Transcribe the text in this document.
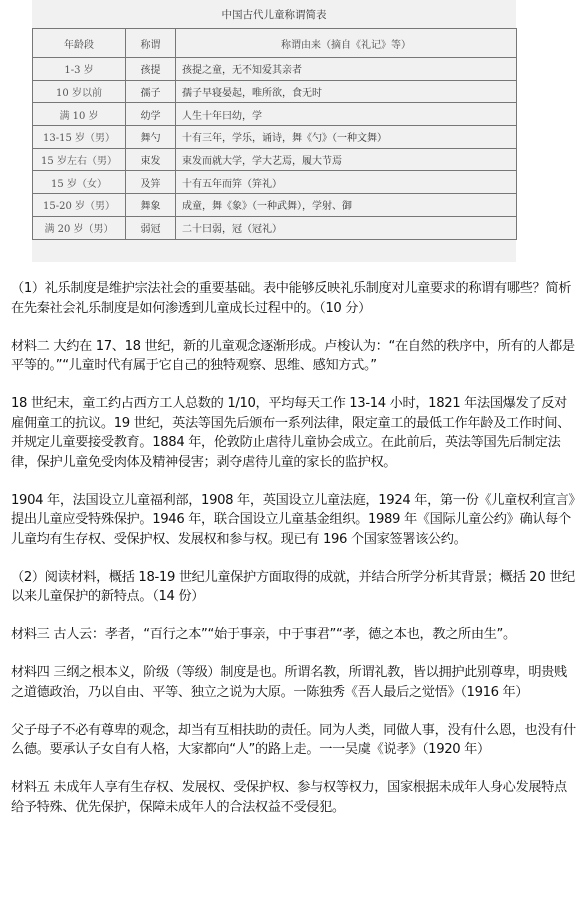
中国古代儿童称谓简表
年龄段	称谓	称谓由来（摘自《礼记》等）
1-3 岁	孩提	孩提之童，无不知爱其亲者
10 岁以前	孺子	孺子早寝晏起，唯所欲，食无时
满 10 岁	幼学	人生十年曰幼，学
13-15 岁（男）	舞勺	十有三年，学乐，诵诗，舞《勺》（一种文舞）
15 岁左右（男）	束发	束发而就大学，学大艺焉，履大节焉
15 岁（女）	及笄	十有五年而笄（笄礼）
15-20 岁（男）	舞象	成童，舞《象》（一种武舞），学射、御
满 20 岁（男）	弱冠	二十曰弱，冠（冠礼）

（1）礼乐制度是维护宗法社会的重要基础。表中能够反映礼乐制度对儿童要求的称谓有哪些？简析在先秦社会礼乐制度是如何渗透到儿童成长过程中的。（10 分）

材料二 大约在 17、18 世纪，新的儿童观念逐渐形成。卢梭认为：“在自然的秩序中，所有的人都是平等的。”“儿童时代有属于它自己的独特观察、思维、感知方式。”

18 世纪末，童工约占西方工人总数的 1/10，平均每天工作 13-14 小时，1821 年法国爆发了反对雇佣童工的抗议。19 世纪，英法等国先后颁布一系列法律，限定童工的最低工作年龄及工作时间、并规定儿童要接受教育。1884 年，伦敦防止虐待儿童协会成立。在此前后，英法等国先后制定法律，保护儿童免受肉体及精神侵害；剥夺虐待儿童的家长的监护权。

1904 年，法国设立儿童福利部，1908 年，英国设立儿童法庭，1924 年，第一份《儿童权利宣言》提出儿童应受特殊保护。1946 年，联合国设立儿童基金组织。1989 年《国际儿童公约》确认每个儿童均有生存权、受保护权、发展权和参与权。现已有 196 个国家签署该公约。

（2）阅读材料，概括 18-19 世纪儿童保护方面取得的成就，并结合所学分析其背景；概括 20 世纪以来儿童保护的新特点。（14 份）

材料三 古人云：孝者，“百行之本”“始于事亲，中于事君”“孝，德之本也，教之所由生”。

材料四 三纲之根本义，阶级（等级）制度是也。所谓名教，所谓礼教，皆以拥护此别尊卑，明贵贱之道德政治，乃以自由、平等、独立之说为大原。一陈独秀《吾人最后之觉悟》（1916 年）

父子母子不必有尊卑的观念，却当有互相扶助的责任。同为人类，同做人事，没有什么恩，也没有什么德。要承认子女自有人格，大家都向“人”的路上走。一一吴虞《说孝》（1920 年）

材料五 未成年人享有生存权、发展权、受保护权、参与权等权力，国家根据未成年人身心发展特点给予特殊、优先保护，保障未成年人的合法权益不受侵犯。
